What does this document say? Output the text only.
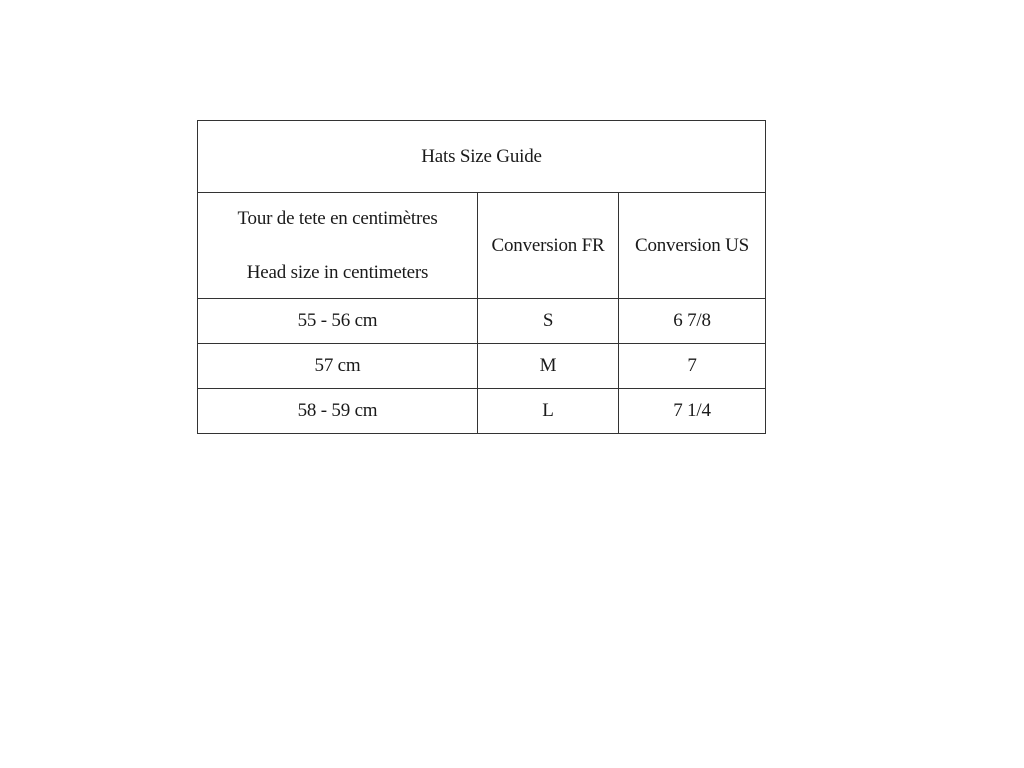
Hats Size Guide		

Tour de tete en centimètres
Head size in centimeters	Conversion FR	Conversion US
55 - 56 cm	S	6 7/8
57 cm	M	7
58 - 59 cm	L	7 1/4
